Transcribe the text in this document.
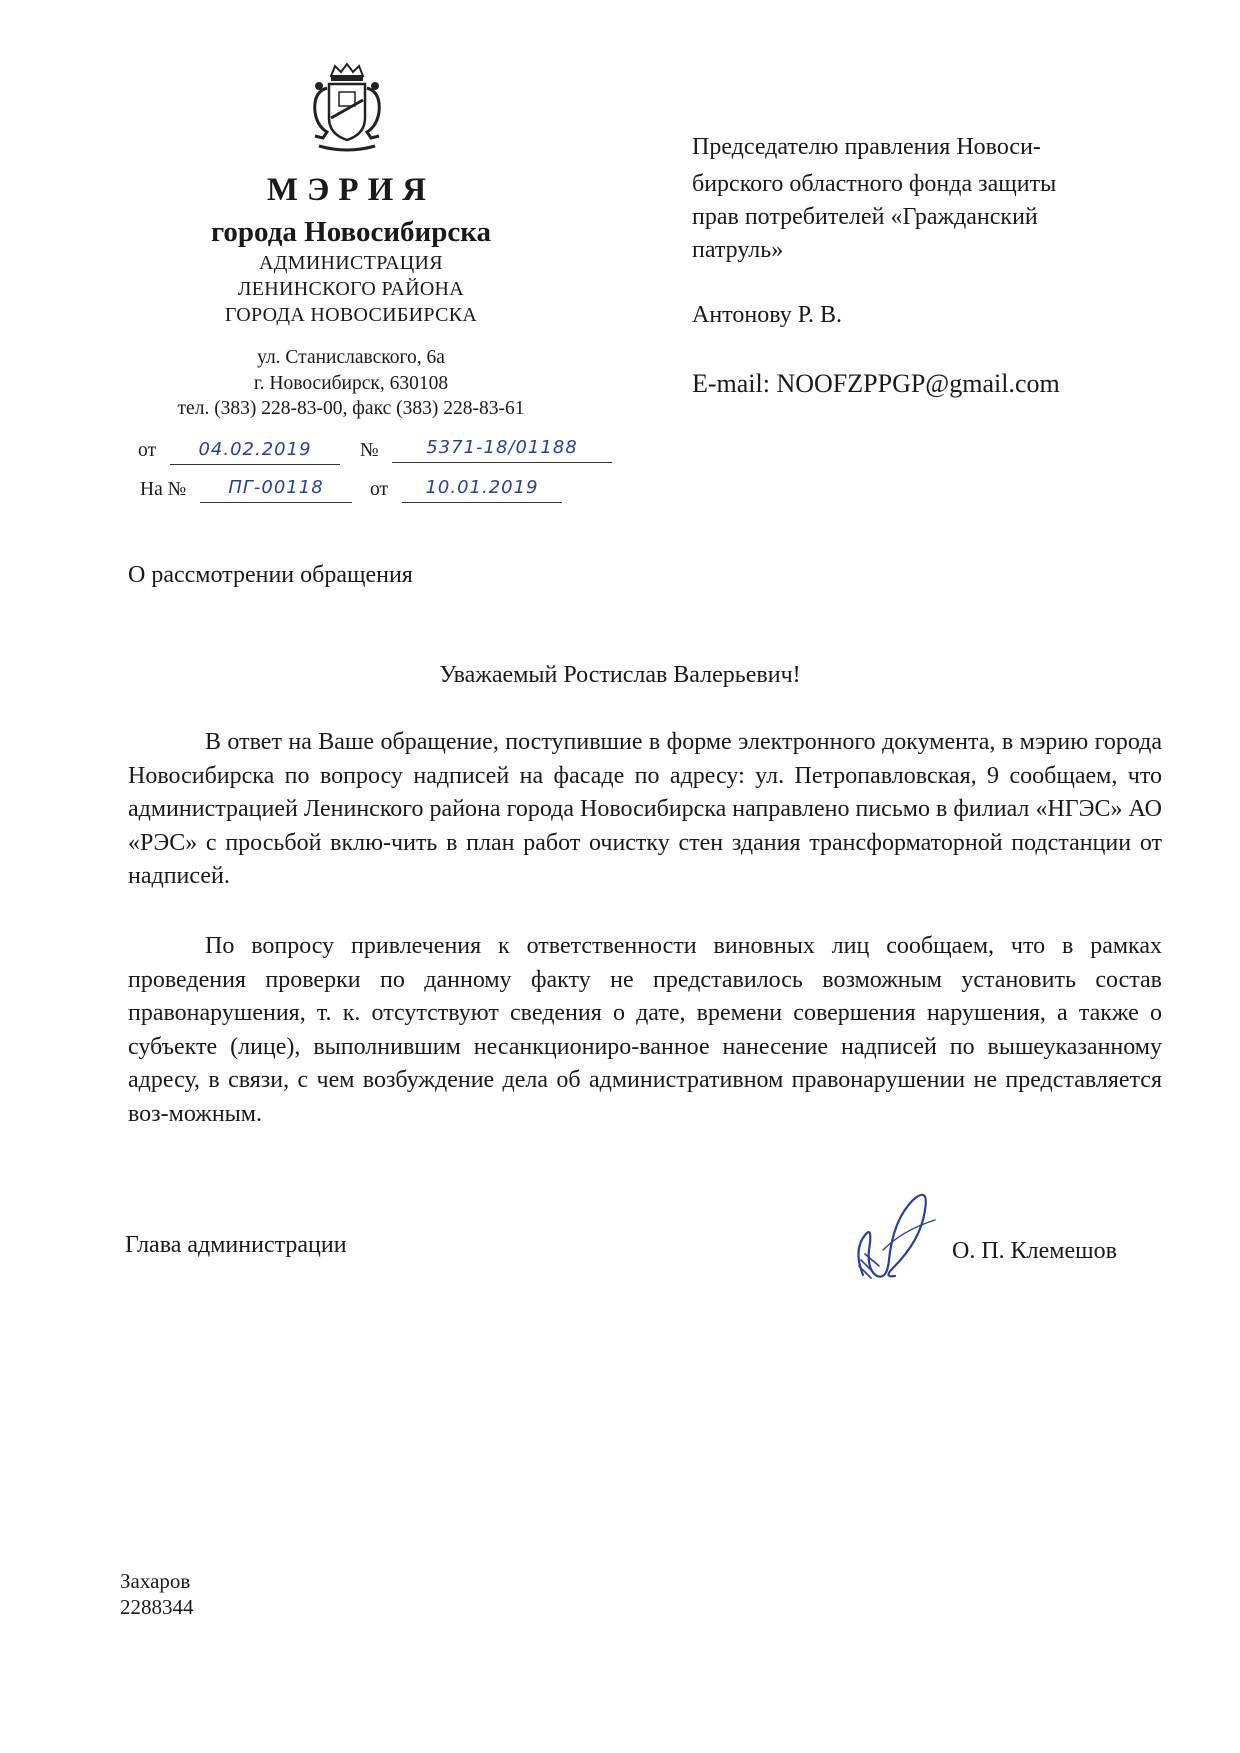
МЭРИЯ
города Новосибирска
АДМИНИСТРАЦИЯ
ЛЕНИНСКОГО РАЙОНА
ГОРОДА НОВОСИБИРСКА
ул. Станиславского, 6а
г. Новосибирск, 630108
тел. (383) 228-83-00, факс (383) 228-83-61
от	04.02.2019	№	5371-18/01188
На №	ПГ-00118	от	10.01.2019
Председателю правления Новоси-
бирского областного фонда защиты
прав потребителей «Гражданский
патруль»
Антонову Р. В.
E-mail: NOOFZPPGP@gmail.com
О рассмотрении обращения
Уважаемый Ростислав Валерьевич!

В ответ на Ваше обращение, поступившие в форме электронного документа, в мэрию города Новосибирска по вопросу надписей на фасаде по адресу: ул. Петропавловская, 9 сообщаем, что администрацией Ленинского района города Новосибирска направлено письмо в филиал «НГЭС» АО «РЭС» с просьбой вклю-чить в план работ очистку стен здания трансформаторной подстанции от надписей.

По вопросу привлечения к ответственности виновных лиц сообщаем, что в рамках проведения проверки по данному факту не представилось возможным установить состав правонарушения, т. к. отсутствуют сведения о дате, времени совершения нарушения, а также о субъекте (лице), выполнившим несанкциониро-ванное нанесение надписей по вышеуказанному адресу, в связи, с чем возбуждение дела об административном правонарушении не представляется воз-можным.

Глава администрации	О. П. Клемешов
Захаров
2288344
